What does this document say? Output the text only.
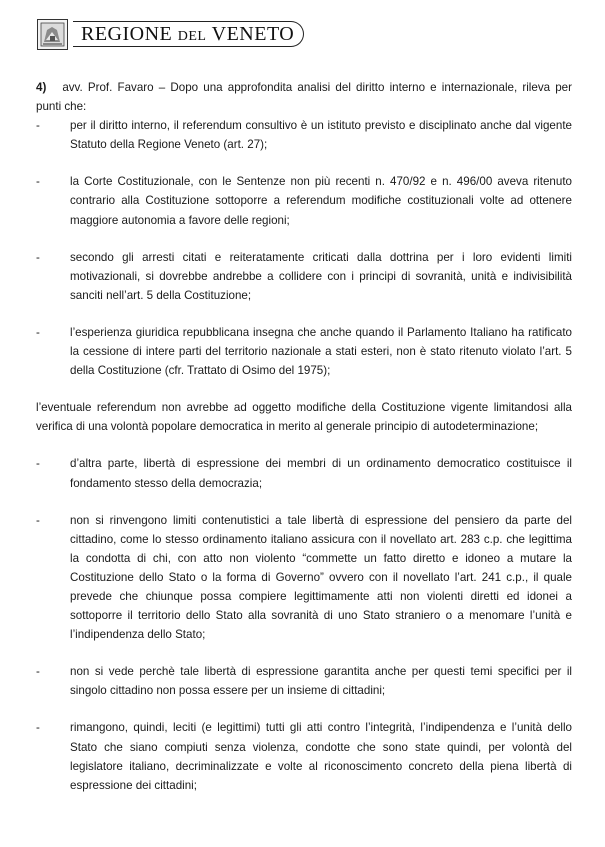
REGIONE DEL VENETO

4) avv. Prof. Favaro – Dopo una approfondita analisi del diritto interno e internazionale, rileva per punti che:

-	per il diritto interno, il referendum consultivo è un istituto previsto e disciplinato anche dal vigente Statuto della Regione Veneto (art. 27);
-	la Corte Costituzionale, con le Sentenze non più recenti n. 470/92 e n. 496/00 aveva ritenuto contrario alla Costituzione sottoporre a referendum modifiche costituzionali volte ad ottenere maggiore autonomia a favore delle regioni;
-	secondo gli arresti citati e reiteratamente criticati dalla dottrina per i loro evidenti limiti motivazionali, si dovrebbe andrebbe a collidere con i principi di sovranità, unità e indivisibilità sanciti nell’art. 5 della Costituzione;
-	l’esperienza giuridica repubblicana insegna che anche quando il Parlamento Italiano ha ratificato la cessione di intere parti del territorio nazionale a stati esteri, non è stato ritenuto violato l’art. 5 della Costituzione (cfr. Trattato di Osimo del 1975);

l’eventuale referendum non avrebbe ad oggetto modifiche della Costituzione vigente limitandosi alla verifica di una volontà popolare democratica in merito al generale principio di autodeterminazione;

-	d’altra parte, libertà di espressione dei membri di un ordinamento democratico costituisce il fondamento stesso della democrazia;
-	non si rinvengono limiti contenutistici a tale libertà di espressione del pensiero da parte del cittadino, come lo stesso ordinamento italiano assicura con il novellato art. 283 c.p. che legittima la condotta di chi, con atto non violento “commette un fatto diretto e idoneo a mutare la Costituzione dello Stato o la forma di Governo” ovvero con il novellato l’art. 241 c.p., il quale prevede che chiunque possa compiere legittimamente atti non violenti diretti ed idonei a sottoporre il territorio dello Stato alla sovranità di uno Stato straniero o a menomare l’unità e l’indipendenza dello Stato;
-	non si vede perchè tale libertà di espressione garantita anche per questi temi specifici per il singolo cittadino non possa essere per un insieme di cittadini;
-	rimangono, quindi, leciti (e legittimi) tutti gli atti contro l’integrità, l’indipendenza e l’unità dello Stato che siano compiuti senza violenza, condotte che sono state quindi, per volontà del legislatore italiano, decriminalizzate e volte al riconoscimento concreto della piena libertà di espressione dei cittadini;
